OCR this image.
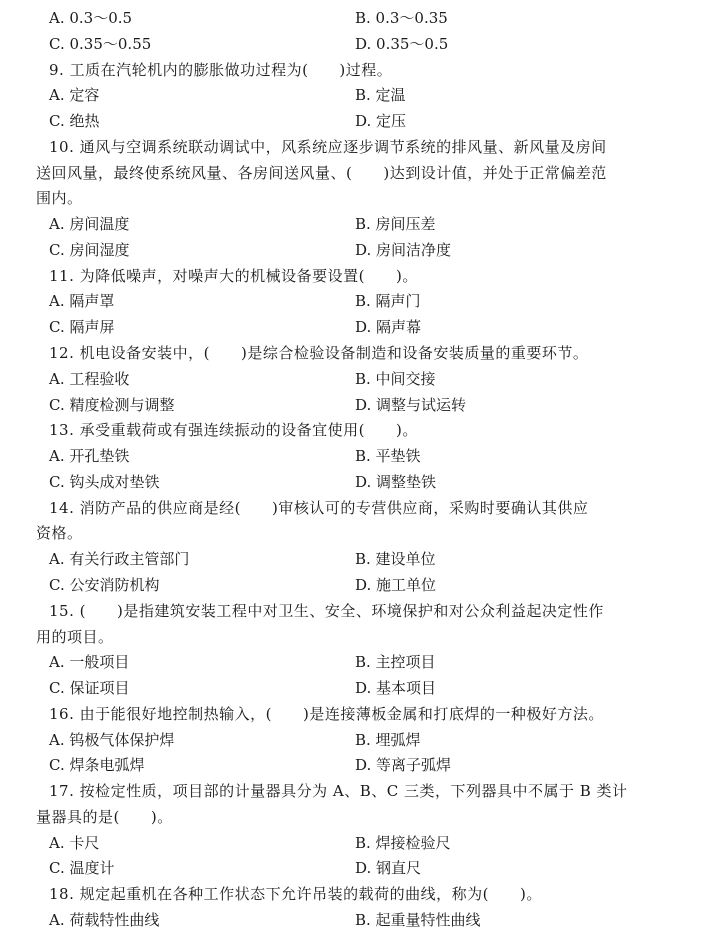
A. 0.3～0.5	B. 0.3～0.35
C. 0.35～0.55	D. 0.35～0.5
9. 工质在汽轮机内的膨胀做功过程为(　　)过程。
A. 定容	B. 定温
C. 绝热	D. 定压
10. 通风与空调系统联动调试中，风系统应逐步调节系统的排风量、新风量及房间
送回风量，最终使系统风量、各房间送风量、(　　)达到设计值，并处于正常偏差范
围内。
A. 房间温度	B. 房间压差
C. 房间湿度	D. 房间洁净度
11. 为降低噪声，对噪声大的机械设备要设置(　　)。
A. 隔声罩	B. 隔声门
C. 隔声屏	D. 隔声幕
12. 机电设备安装中，(　　)是综合检验设备制造和设备安装质量的重要环节。
A. 工程验收	B. 中间交接
C. 精度检测与调整	D. 调整与试运转
13. 承受重载荷或有强连续振动的设备宜使用(　　)。
A. 开孔垫铁	B. 平垫铁
C. 钩头成对垫铁	D. 调整垫铁
14. 消防产品的供应商是经(　　)审核认可的专营供应商，采购时要确认其供应
资格。
A. 有关行政主管部门	B. 建设单位
C. 公安消防机构	D. 施工单位
15. (　　)是指建筑安装工程中对卫生、安全、环境保护和对公众利益起决定性作
用的项目。
A. 一般项目	B. 主控项目
C. 保证项目	D. 基本项目
16. 由于能很好地控制热输入，(　　)是连接薄板金属和打底焊的一种极好方法。
A. 钨极气体保护焊	B. 埋弧焊
C. 焊条电弧焊	D. 等离子弧焊
17. 按检定性质，项目部的计量器具分为 A、B、C 三类，下列器具中不属于 B 类计
量器具的是(　　)。
A. 卡尺	B. 焊接检验尺
C. 温度计	D. 钢直尺
18. 规定起重机在各种工作状态下允许吊装的载荷的曲线，称为(　　)。
A. 荷载特性曲线	B. 起重量特性曲线
